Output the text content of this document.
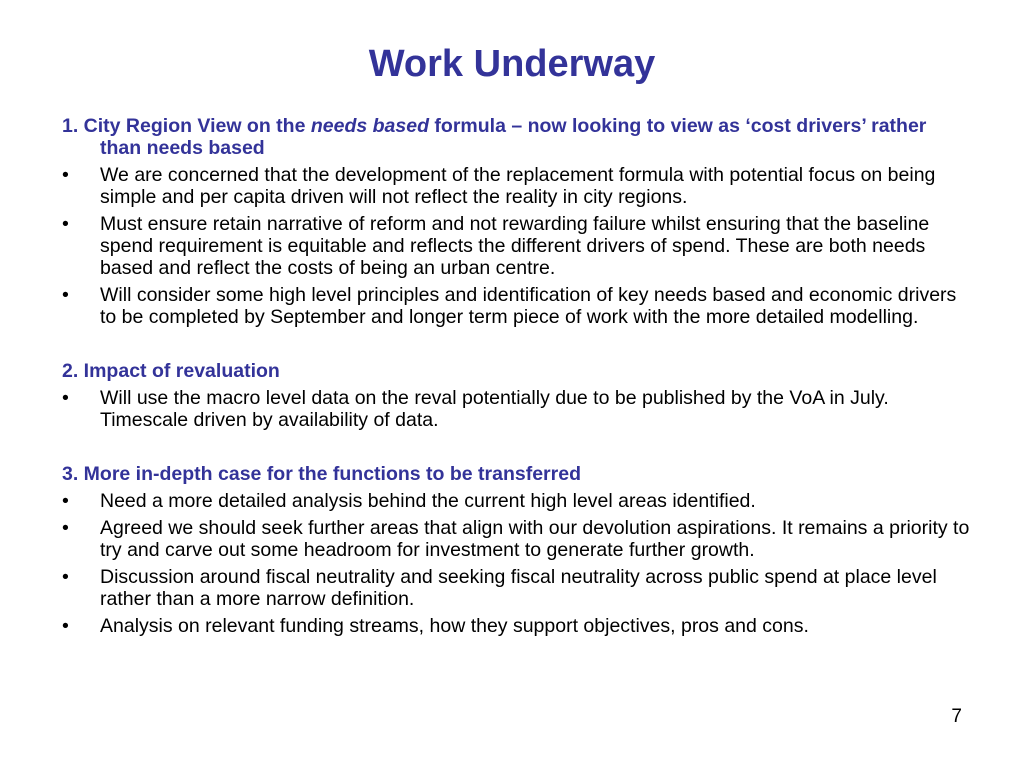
Work Underway
1. City Region View on the needs based formula – now looking to view as ‘cost drivers’ rather than needs based
• We are concerned that the development of the replacement formula with potential focus on being simple and per capita driven will not reflect the reality in city regions.
• Must ensure retain narrative of reform and not rewarding failure whilst ensuring that the baseline spend requirement is equitable and reflects the different drivers of spend. These are both needs based and reflect the costs of being an urban centre.
• Will consider some high level principles and identification of key needs based and economic drivers to be completed by September and longer term piece of work with the more detailed modelling.
2. Impact of revaluation
• Will use the macro level data on the reval potentially due to be published by the VoA in July. Timescale driven by availability of data.
3. More in-depth case for the functions to be transferred
• Need a more detailed analysis behind the current high level areas identified.
• Agreed we should seek further areas that align with our devolution aspirations. It remains a priority to try and carve out some headroom for investment to generate further growth.
• Discussion around fiscal neutrality and seeking fiscal neutrality across public spend at place level rather than a more narrow definition.
• Analysis on relevant funding streams, how they support objectives, pros and cons.
7
